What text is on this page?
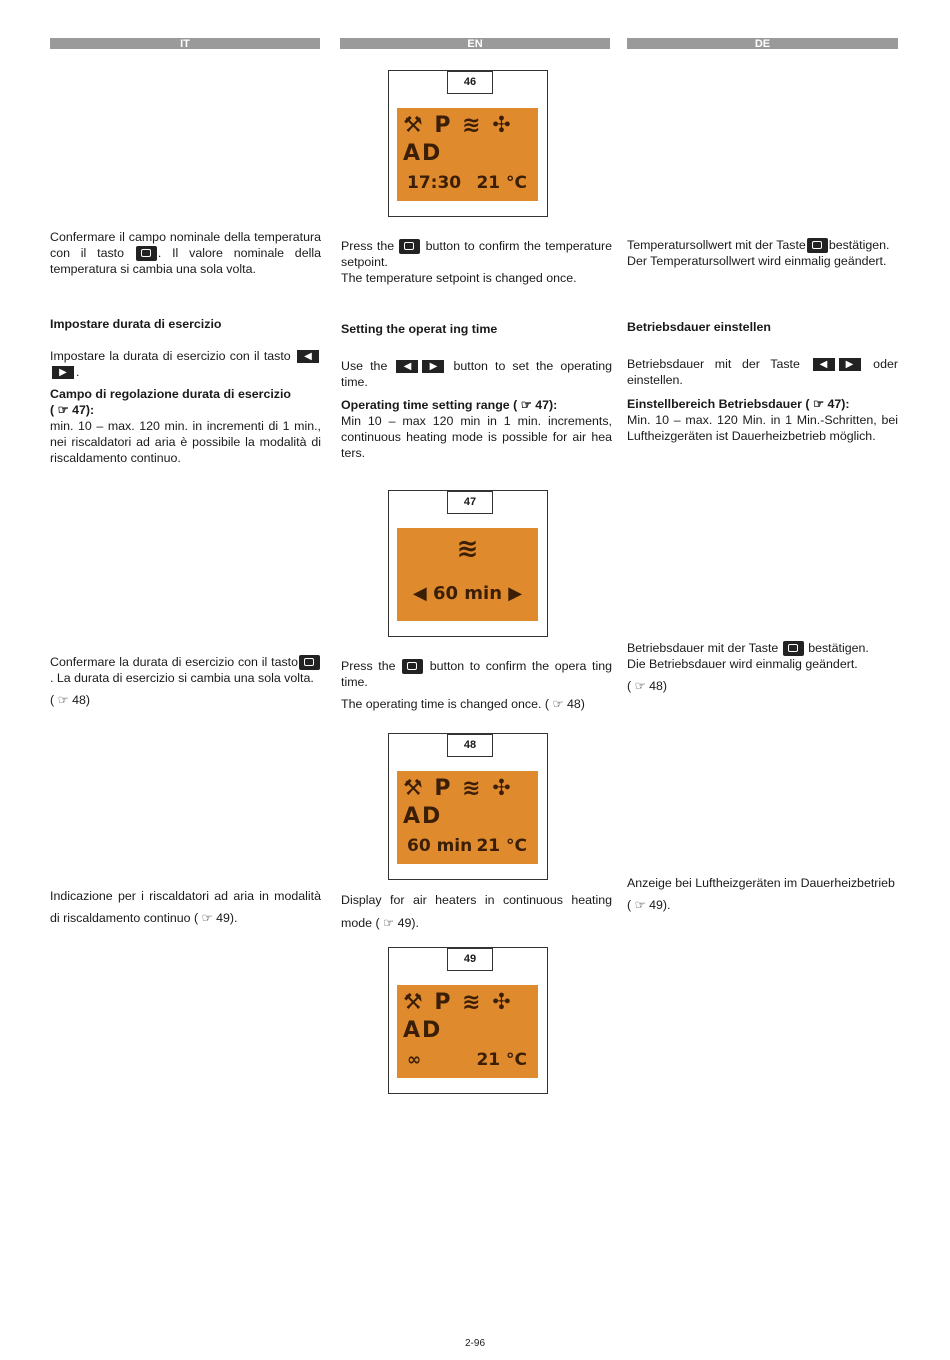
IT	EN	DE
46
⚒ P ≋ ✣ AD
17:30 21 °C
47
≋
◀ 60 min ▶
48
⚒ P ≋ ✣ AD
60 min 21 °C
49
⚒ P ≋ ✣ AD
∞	21 °C
Confermare il campo nominale della temperatura con il tasto	. Il valore nominale della temperatura si cambia una sola volta.
Impostare durata di esercizio
Impostare la durata di esercizio con il tasto ◀▶ .

Campo di regolazione durata di esercizio

( ☞ 47):

min. 10 – max. 120 min. in incrementi di 1 min., nei riscaldatori ad aria è possibile la modalità di riscaldamento continuo.

Confermare la durata di esercizio con il tasto. La durata di esercizio si cambia una sola volta.

( ☞ 48)

Indicazione per i riscaldatori ad aria in modalità di riscaldamento continuo ( ☞ 49).
Press the	button to confirm the temperature setpoint.

The temperature setpoint is changed once.

Setting the operat ing time
Use the ◀ ▶ button to set the operating time.
Operating time setting range ( ☞ 47):

Min 10 – max 120 min in 1 min. increments, continuous heating mode is possible for air hea ters.

Press the	button to confirm the opera ting time.

The operating time is changed once. ( ☞ 48)

Display for air heaters in continuous heating mode ( ☞ 49).
Temperatursollwert mit der Taste bestätigen.

Der Temperatursollwert wird einmalig geändert.

Betriebsdauer einstellen
Betriebsdauer mit der Taste ◀ ▶ oder einstellen.
Einstellbereich Betriebsdauer ( ☞ 47):

Min. 10 – max. 120 Min. in 1 Min.-Schritten, bei Luftheizgeräten ist Dauerheizbetrieb möglich.

Betriebsdauer mit der Taste bestätigen.

Die Betriebsdauer wird einmalig geändert.

( ☞ 48)

Anzeige bei Luftheizgeräten im Dauerheizbetrieb

( ☞ 49).

2-96
